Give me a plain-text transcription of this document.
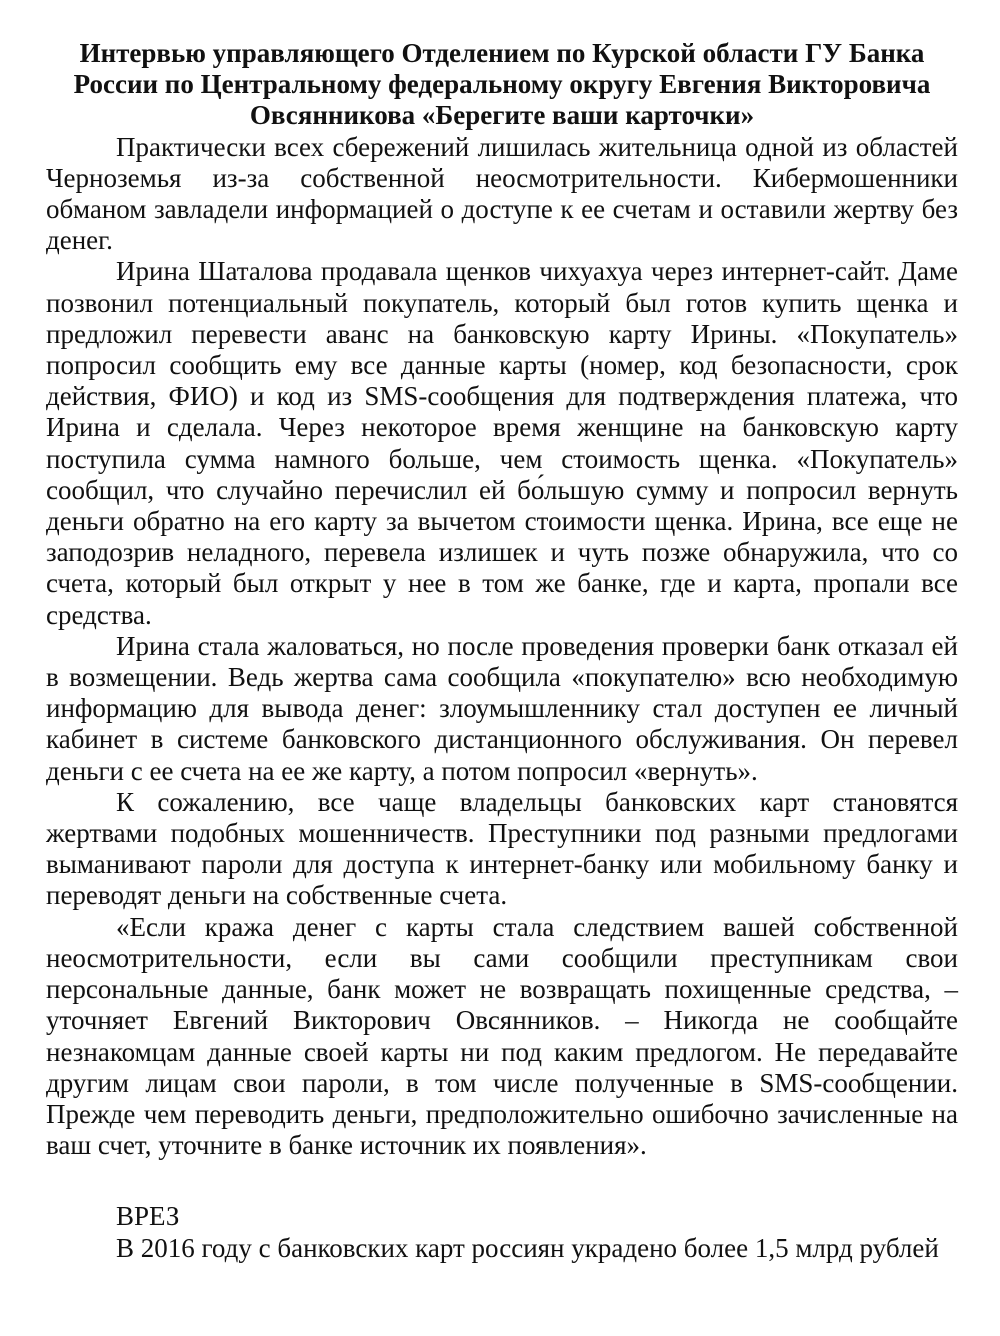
Интервью управляющего Отделением по Курской области ГУ Банка России по Центральному федеральному округу Евгения Викторовича Овсянникова «Берегите ваши карточки»

Практически всех сбережений лишилась жительница одной из областей Черноземья из-за собственной неосмотрительности. Кибермошенники обманом завладели информацией о доступе к ее счетам и оставили жертву без денег.

Ирина Шаталова продавала щенков чихуахуа через интернет-сайт. Даме позвонил потенциальный покупатель, который был готов купить щенка и предложил перевести аванс на банковскую карту Ирины. «Покупатель» попросил сообщить ему все данные карты (номер, код безопасности, срок действия, ФИО) и код из SMS-сообщения для подтверждения платежа, что Ирина и сделала. Через некоторое время женщине на банковскую карту поступила сумма намного больше, чем стоимость щенка. «Покупатель» сообщил, что случайно перечислил ей бо́льшую сумму и попросил вернуть деньги обратно на его карту за вычетом стоимости щенка. Ирина, все еще не заподозрив неладного, перевела излишек и чуть позже обнаружила, что со счета, который был открыт у нее в том же банке, где и карта, пропали все средства.

Ирина стала жаловаться, но после проведения проверки банк отказал ей в возмещении. Ведь жертва сама сообщила «покупателю» всю необходимую информацию для вывода денег: злоумышленнику стал доступен ее личный кабинет в системе банковского дистанционного обслуживания. Он перевел деньги с ее счета на ее же карту, а потом попросил «вернуть».

К сожалению, все чаще владельцы банковских карт становятся жертвами подобных мошенничеств. Преступники под разными предлогами выманивают пароли для доступа к интернет-банку или мобильному банку и переводят деньги на собственные счета.

«Если кража денег с карты стала следствием вашей собственной неосмотрительности, если вы сами сообщили преступникам свои персональные данные, банк может не возвращать похищенные средства, – уточняет Евгений Викторович Овсянников. – Никогда не сообщайте незнакомцам данные своей карты ни под каким предлогом. Не передавайте другим лицам свои пароли, в том числе полученные в SMS-сообщении. Прежде чем переводить деньги, предположительно ошибочно зачисленные на ваш счет, уточните в банке источник их появления».

ВРЕЗ

В 2016 году с банковских карт россиян украдено более 1,5 млрд рублей
